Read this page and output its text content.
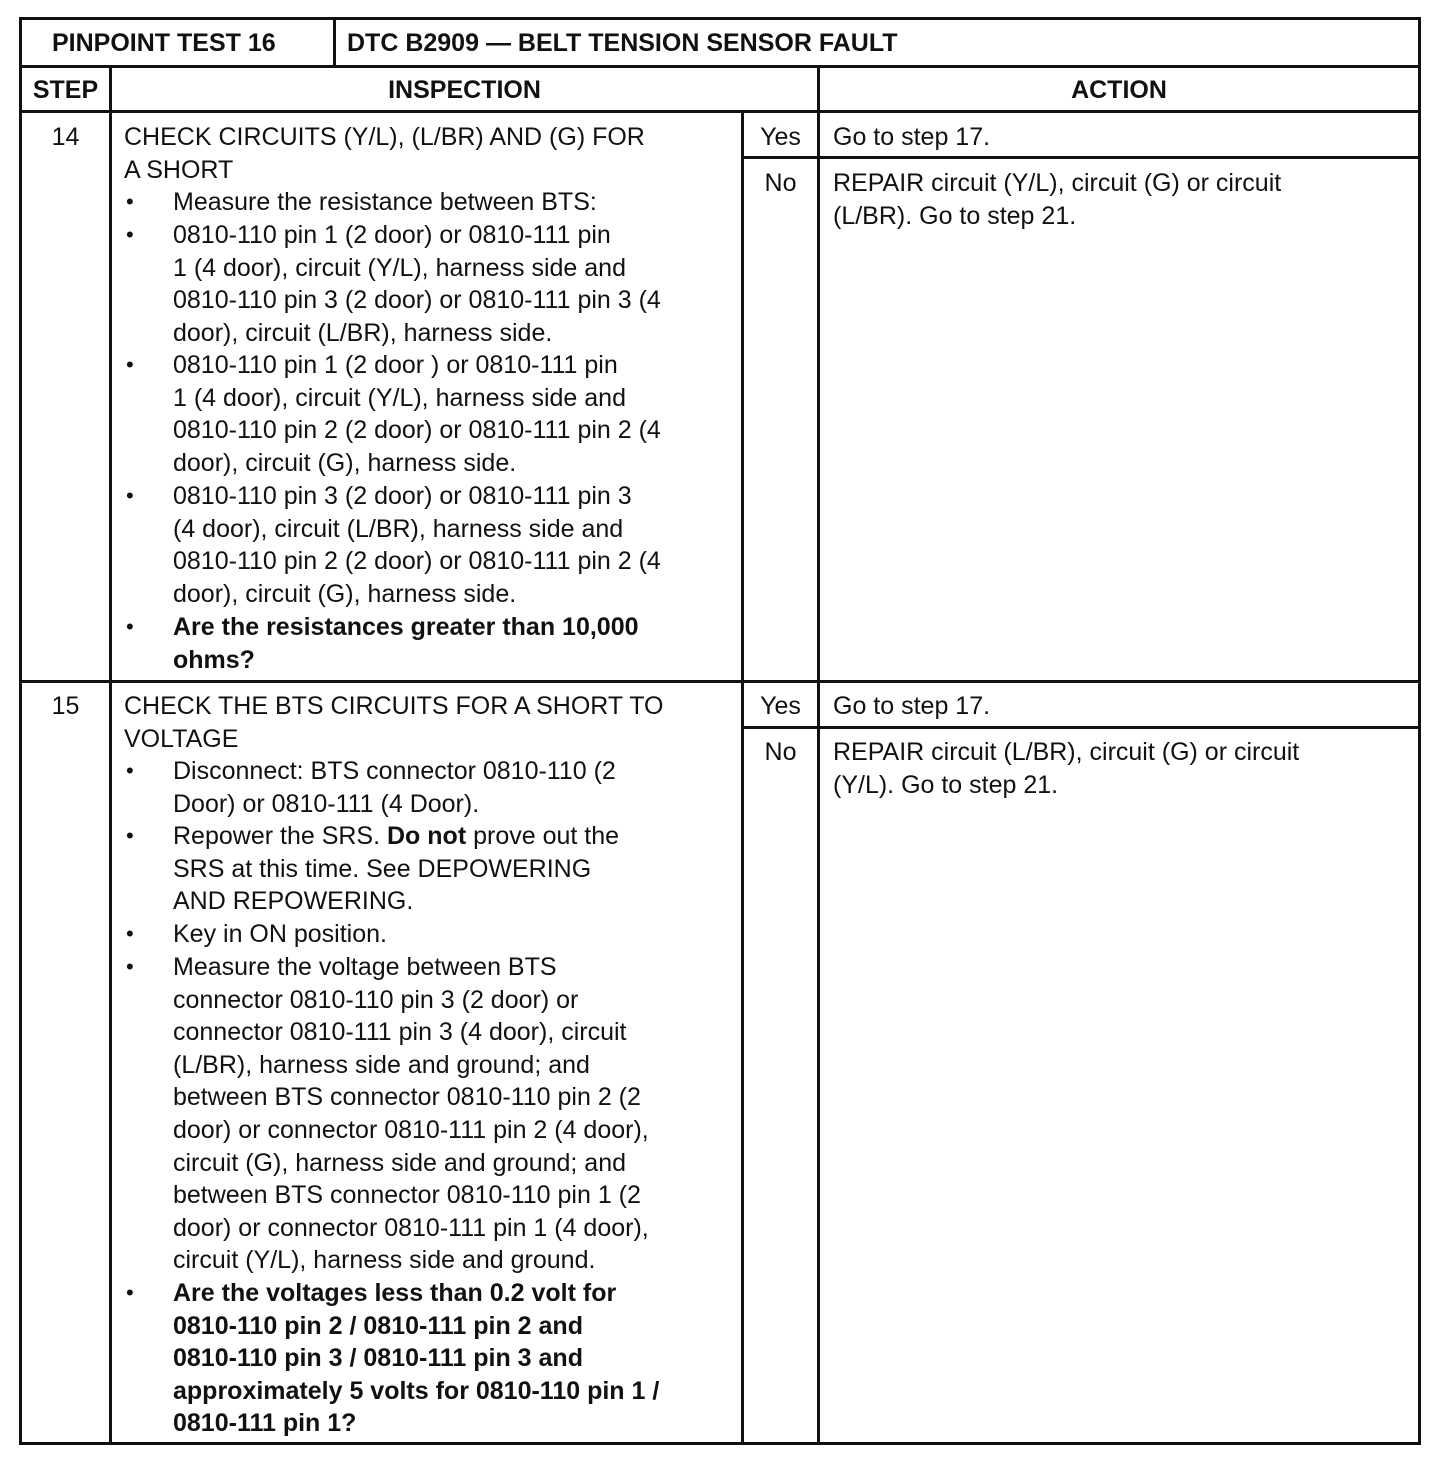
PINPOINT TEST 16	DTC B2909 — BELT TENSION SENSOR FAULT
STEP	INSPECTION	ACTION
14	CHECK CIRCUITS (Y/L), (L/BR) AND (G) FOR
A SHORT
• Measure the resistance between BTS:
• 0810-110 pin 1 (2 door) or 0810-111 pin
1 (4 door), circuit (Y/L), harness side and
0810-110 pin 3 (2 door) or 0810-111 pin 3 (4
door), circuit (L/BR), harness side.
• 0810-110 pin 1 (2 door ) or 0810-111 pin
1 (4 door), circuit (Y/L), harness side and
0810-110 pin 2 (2 door) or 0810-111 pin 2 (4
door), circuit (G), harness side.
• 0810-110 pin 3 (2 door) or 0810-111 pin 3
(4 door), circuit (L/BR), harness side and
0810-110 pin 2 (2 door) or 0810-111 pin 2 (4
door), circuit (G), harness side.
• Are the resistances greater than 10,000
ohms?
Yes	Go to step 17.
No	REPAIR circuit (Y/L), circuit (G) or circuit
(L/BR). Go to step 21.
15	CHECK THE BTS CIRCUITS FOR A SHORT TO
VOLTAGE
• Disconnect: BTS connector 0810-110 (2
Door) or 0810-111 (4 Door).
• Repower the SRS. Do not prove out the
SRS at this time. See DEPOWERING
AND REPOWERING.
• Key in ON position.
• Measure the voltage between BTS
connector 0810-110 pin 3 (2 door) or
connector 0810-111 pin 3 (4 door), circuit
(L/BR), harness side and ground; and
between BTS connector 0810-110 pin 2 (2
door) or connector 0810-111 pin 2 (4 door),
circuit (G), harness side and ground; and
between BTS connector 0810-110 pin 1 (2
door) or connector 0810-111 pin 1 (4 door),
circuit (Y/L), harness side and ground.
• Are the voltages less than 0.2 volt for
0810-110 pin 2 / 0810-111 pin 2 and
0810-110 pin 3 / 0810-111 pin 3 and
approximately 5 volts for 0810-110 pin 1 /
0810-111 pin 1?
Yes	Go to step 17.
No	REPAIR circuit (L/BR), circuit (G) or circuit
(Y/L). Go to step 21.
